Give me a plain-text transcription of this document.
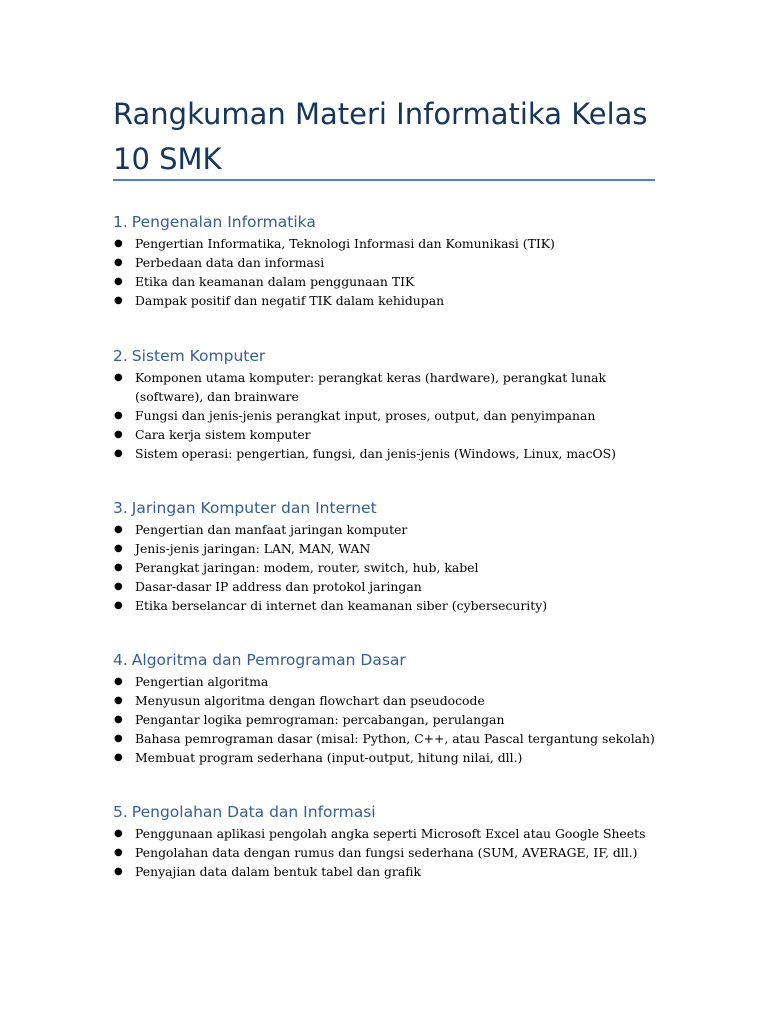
Rangkuman Materi Informatika Kelas 10 SMK
1. Pengenalan Informatika
● Pengertian Informatika, Teknologi Informasi dan Komunikasi (TIK)
● Perbedaan data dan informasi
● Etika dan keamanan dalam penggunaan TIK
● Dampak positif dan negatif TIK dalam kehidupan
2. Sistem Komputer
● Komponen utama komputer: perangkat keras (hardware), perangkat lunak (software), dan brainware
● Fungsi dan jenis-jenis perangkat input, proses, output, dan penyimpanan
● Cara kerja sistem komputer
● Sistem operasi: pengertian, fungsi, dan jenis-jenis (Windows, Linux, macOS)
3. Jaringan Komputer dan Internet
● Pengertian dan manfaat jaringan komputer
● Jenis-jenis jaringan: LAN, MAN, WAN
● Perangkat jaringan: modem, router, switch, hub, kabel
● Dasar-dasar IP address dan protokol jaringan
● Etika berselancar di internet dan keamanan siber (cybersecurity)
4. Algoritma dan Pemrograman Dasar
● Pengertian algoritma
● Menyusun algoritma dengan flowchart dan pseudocode
● Pengantar logika pemrograman: percabangan, perulangan
● Bahasa pemrograman dasar (misal: Python, C++, atau Pascal tergantung sekolah)
● Membuat program sederhana (input-output, hitung nilai, dll.)
5. Pengolahan Data dan Informasi
● Penggunaan aplikasi pengolah angka seperti Microsoft Excel atau Google Sheets
● Pengolahan data dengan rumus dan fungsi sederhana (SUM, AVERAGE, IF, dll.)
● Penyajian data dalam bentuk tabel dan grafik
